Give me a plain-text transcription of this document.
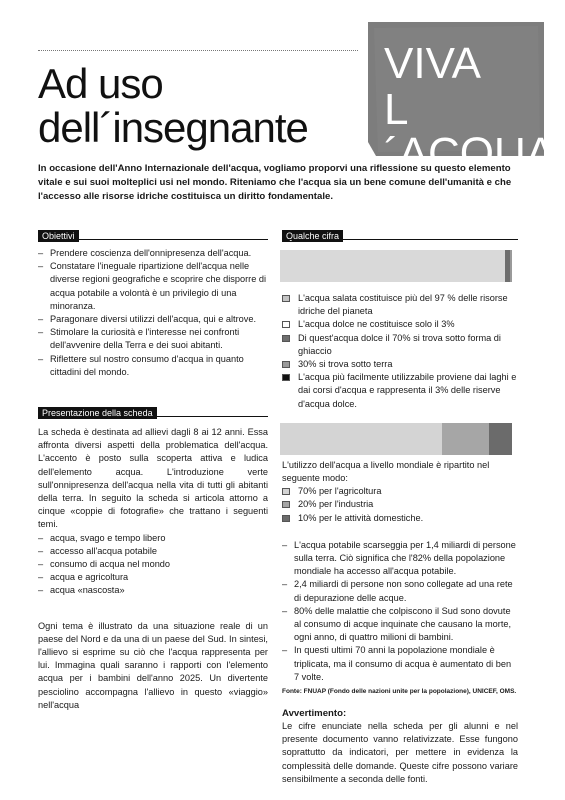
VIVA
L´ACQUA
Ad uso
dell´insegnante

In occasione dell'Anno Internazionale dell'acqua, vogliamo proporvi una riflessione su questo elemento vitale e sui suoi molteplici usi nel mondo. Riteniamo che l'acqua sia un bene comune dell'umanità e che l'accesso alle risorse idriche costituisca un diritto fondamentale.

Obiettivi
– Prendere coscienza dell'onnipresenza dell'acqua.
– Constatare l'ineguale ripartizione dell'acqua nelle diverse regioni geografiche e scoprire che disporre di acqua potabile a volontà è un privilegio di una minoranza.
– Paragonare diversi utilizzi dell'acqua, qui e altrove.
– Stimolare la curiosità e l'interesse nei confronti dell'avvenire della Terra e dei suoi abitanti.
– Riflettere sul nostro consumo d'acqua in quanto cittadini del mondo.
Presentazione della scheda

La scheda è destinata ad allievi dagli 8 ai 12 anni. Essa affronta diversi aspetti della problematica dell'acqua. L'accento è posto sulla scoperta attiva e ludica dell'elemento acqua. L'introduzione verte sull'onnipresenza dell'acqua nella vita di tutti gli abitanti della terra. In seguito la scheda si articola attorno a cinque «coppie di fotografie» che trattano i seguenti temi.

– acqua, svago e tempo libero
– accesso all'acqua potabile
– consumo di acqua nel mondo
– acqua e agricoltura
– acqua «nascosta»

Ogni tema è illustrato da una situazione reale di un paese del Nord e da una di un paese del Sud. In sintesi, l'allievo si esprime su ciò che l'acqua rappresenta per lui. Immagina quali saranno i rapporti con l'elemento acqua per i bambini dell'anno 2025. Un divertente pesciolino accompagna l'allievo in questo «viaggio» nell'acqua

Qualche cifra
L'acqua salata costituisce più del 97 % delle risorse idriche del pianeta
L'acqua dolce ne costituisce solo il 3%
Di quest'acqua dolce il 70% si trova sotto forma di ghiaccio
30% si trova sotto terra
L'acqua più facilmente utilizzabile proviene dai laghi e dai corsi d'acqua e rappresenta il 3% delle riserve d'acqua dolce.

L'utilizzo dell'acqua a livello mondiale è ripartito nel seguente modo:

70% per l'agricoltura
20% per l'industria
10% per le attività domestiche.
– L'acqua potabile scarseggia per 1,4 miliardi di persone sulla terra. Ciò significa che l'82% della popolazione mondiale ha accesso all'acqua potabile.
– 2,4 miliardi di persone non sono collegate ad una rete di depurazione delle acque.
– 80% delle malattie che colpiscono il Sud sono dovute al consumo di acque inquinate che causano la morte, ogni anno, di quattro milioni di bambini.
– In questi ultimi 70 anni la popolazione mondiale è triplicata, ma il consumo di acqua è aumentato di ben 7 volte.

Fonte: FNUAP (Fondo delle nazioni unite per la popolazione), UNICEF, OMS.

Avvertimento:

Le cifre enunciate nella scheda per gli alunni e nel presente documento vanno relativizzate. Esse fungono soprattutto da indicatori, per mettere in evidenza la complessità delle domande. Queste cifre possono variare sensibilmente a seconda delle fonti.
